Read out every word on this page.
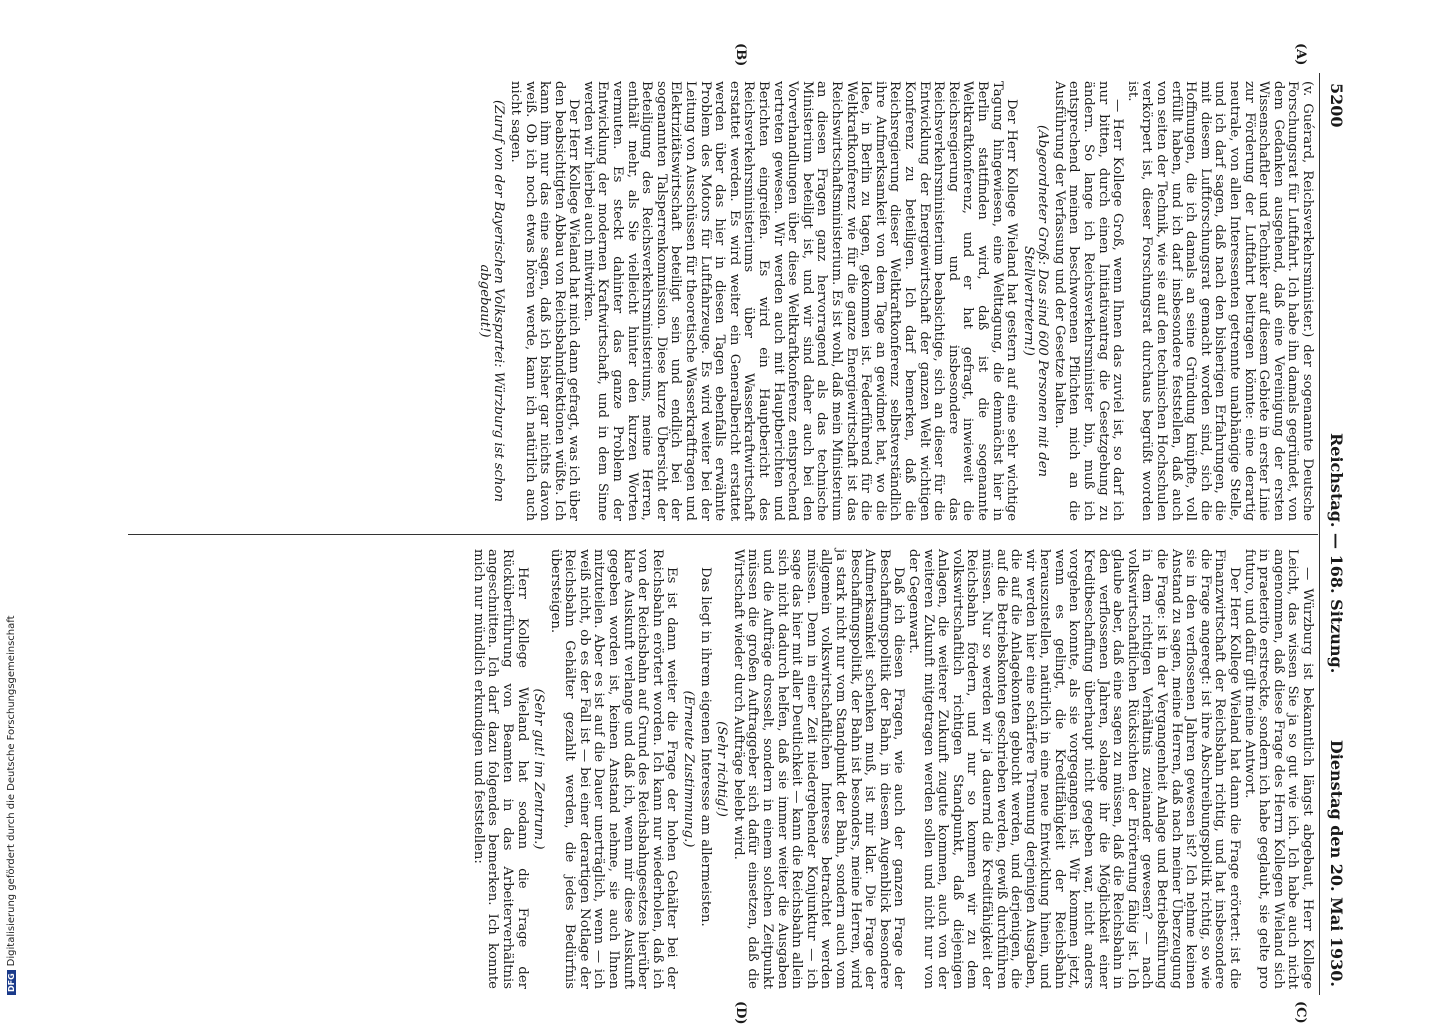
DFGDigitalisierung gefördert durch die Deutsche Forschungsgemeinschaft
5200
Reichstag. — 168. Sitzung.
Dienstag den 20. Mai 1930.
(A)
(B)
(C)
(D)

(v. Guérard, Reichsverkehrsminister.) der sogenannte Deutsche Forschungsrat für Luftfahrt. Ich habe ihn damals gegründet, von dem Gedanken ausgehend, daß eine Vereinigung der ersten Wissenschaftler und Techniker auf diesem Gebiete in erster Linie zur Förderung der Luftfahrt beitragen könnte: eine derartig neutrale, von allen Interessenten getrennte unabhängige Stelle, und ich darf sagen, daß nach den bisherigen Erfahrungen, die mit diesem Luftforschungsrat gemacht worden sind, sich die Hoffnungen, die ich damals an seine Gründung knüpfte, voll erfüllt haben, und ich darf insbesondere feststellen, daß auch von seiten der Technik, wie sie auf den technischen Hochschulen verkörpert ist, dieser Forschungsrat durchaus begrüßt worden ist.

— Herr Kollege Groß, wenn Ihnen das zuviel ist, so darf ich nur bitten, durch einen Initiativantrag die Gesetzgebung zu ändern. So lange ich Reichsverkehrsminister bin, muß ich entsprechend meinen beschworenen Pflichten mich an die Ausführung der Verfassung und der Gesetze halten.

(Abgeordneter Groß: Das sind 600 Personen mit den Stellvertretern!)

Der Herr Kollege Wieland hat gestern auf eine sehr wichtige Tagung hingewiesen, eine Welttagung, die demnächst hier in Berlin stattfinden wird, daß ist die sogenannte Weltkraftkonferenz, und er hat gefragt, inwieweit die Reichsregierung und insbesondere das Reichsverkehrsministerium beabsichtige, sich an dieser für die Entwicklung der Energiewirtschaft der ganzen Welt wichtigen Konferenz zu beteiligen. Ich darf bemerken, daß die Reichsregierung dieser Weltkraftkonferenz selbstverständlich ihre Aufmerksamkeit von dem Tage an gewidmet hat, wo die Idee, in Berlin zu tagen, gekommen ist. Federführend für die Weltkraftkonferenz wie für die ganze Energiewirtschaft ist das Reichswirtschaftsministerium. Es ist wohl, daß mein Ministerium an diesen Fragen ganz hervorragend als das technische Ministerium beteiligt ist, und wir sind daher auch bei den Vorverhandlungen über diese Weltkraftkonferenz entsprechend vertreten gewesen. Wir werden auch mit Hauptberichten und Berichten eingreifen. Es wird ein Hauptbericht des Reichsverkehrsministeriums über Wasserkraftwirtschaft erstattet werden. Es wird weiter ein Generalbericht erstattet werden über das hier in diesen Tagen ebenfalls erwähnte Problem des Motors für Luftfahrzeuge. Es wird weiter bei der Leitung von Ausschüssen für theoretische Wasserkraftfragen und Elektrizitätswirtschaft beteiligt sein und endlich bei der sogenannten Talsperrenkommission. Diese kurze Übersicht der Beteiligung des Reichsverkehrsministeriums, meine Herren, enthält mehr, als Sie vielleicht hinter den kurzen Worten vermuten. Es steckt dahinter das ganze Problem der Entwicklung der modernen Kraftwirtschaft, und in dem Sinne werden wir hierbei auch mitwirken.

Der Herr Kollege Wieland hat mich dann gefragt, was ich über den beabsichtigten Abbau von Reichsbahndirektionen wüßte. Ich kann ihm nur das eine sagen, daß ich bisher gar nichts davon weiß. Ob ich noch etwas hören werde, kann ich natürlich auch nicht sagen.

(Zuruf von der Bayerischen Volkspartei: Würzburg ist schon abgebaut!)

— Würzburg ist bekanntlich längst abgebaut, Herr Kollege Leicht, das wissen Sie ja so gut wie ich. Ich habe auch nicht angenommen, daß diese Frage des Herrn Kollegen Wieland sich in praeterito erstreckte, sondern ich habe geglaubt, sie gelte pro futuro, und dafür gilt meine Antwort.

Der Herr Kollege Wieland hat dann die Frage erörtert: ist die Finanzwirtschaft der Reichsbahn richtig, und hat insbesondere die Frage angeregt: ist ihre Abschreibungspolitik richtig, so wie sie in den verflossenen Jahren gewesen ist? Ich nehme keinen Anstand zu sagen, meine Herren, daß nach meiner Überzeugung die Frage: ist in der Vergangenheit Anlage und Betriebsführung in dem richtigen Verhältnis zueinander gewesen? — nach volkswirtschaftlichen Rücksichten der Erörterung fähig ist. Ich glaube aber, daß eine sagen zu müssen, daß die Reichsbahn in den verflossenen Jahren, solange ihr die Möglichkeit einer Kreditbeschaffung überhaupt nicht gegeben war, nicht anders vorgehen konnte, als sie vorgegangen ist. Wir kommen jetzt, wenn es gelingt, die Kreditfähigkeit der Reichsbahn herauszustellen, natürlich in eine neue Entwicklung hinein, und wir werden hier eine schärfere Trennung derjenigen Ausgaben, die auf die Anlagekonten gebucht werden, und derjenigen, die auf die Betriebskonten geschrieben werden, gewiß durchführen müssen. Nur so werden wir ja dauernd die Kreditfähigkeit der Reichsbahn fördern, und nur so kommen wir zu dem volkswirtschaftlich richtigen Standpunkt, daß diejenigen Anlagen, die weiterer Zukunft zugute kommen, auch von der weiteren Zukunft mitgetragen werden sollen und nicht nur von der Gegenwart.

Daß ich diesen Fragen, wie auch der ganzen Frage der Beschaffungspolitik der Bahn, in diesem Augenblick besondere Aufmerksamkeit schenken muß, ist mir klar. Die Frage der Beschaffungspolitik, der Bahn ist besonders, meine Herren, wird ja stark nicht nur vom Standpunkt der Bahn, sondern auch vom allgemein volkswirtschaftlichen Interesse betrachtet werden müssen. Denn in einer Zeit niedergehender Konjunktur — ich sage das hier mit aller Deutlichkeit — kann die Reichsbahn allein sich nicht dadurch helfen, daß sie immer weiter die Ausgaben und die Aufträge drosselt, sondern in einem solchen Zeitpunkt müssen die großen Auftraggeber sich dafür einsetzen, daß die Wirtschaft wieder durch Aufträge belebt wird.

(Sehr richtig!)

Das liegt in ihrem eigenen Interesse am allermeisten.

(Erneute Zustimmung.)

Es ist dann weiter die Frage der hohen Gehälter bei der Reichsbahn erörtert worden. Ich kann nur wiederholen, daß ich von der Reichsbahn auf Grund des Reichsbahngesetzes hierüber klare Auskunft verlange und daß ich, wenn mir diese Auskunft gegeben worden ist, keinen Anstand nehme, sie auch Ihnen mitzuteilen. Aber es ist auf die Dauer unerträglich, wenn — ich weiß nicht, ob es der Fall ist — bei einer derartigen Notlage der Reichsbahn Gehälter gezahlt werden, die jedes Bedürfnis übersteigen.

(Sehr gut! im Zentrum.)

Herr Kollege Wieland hat sodann die Frage der Rücküberführung von Beamten in das Arbeiterverhältnis angeschnitten. Ich darf dazu folgendes bemerken. Ich konnte mich nur mündlich erkundigen und feststellen:
